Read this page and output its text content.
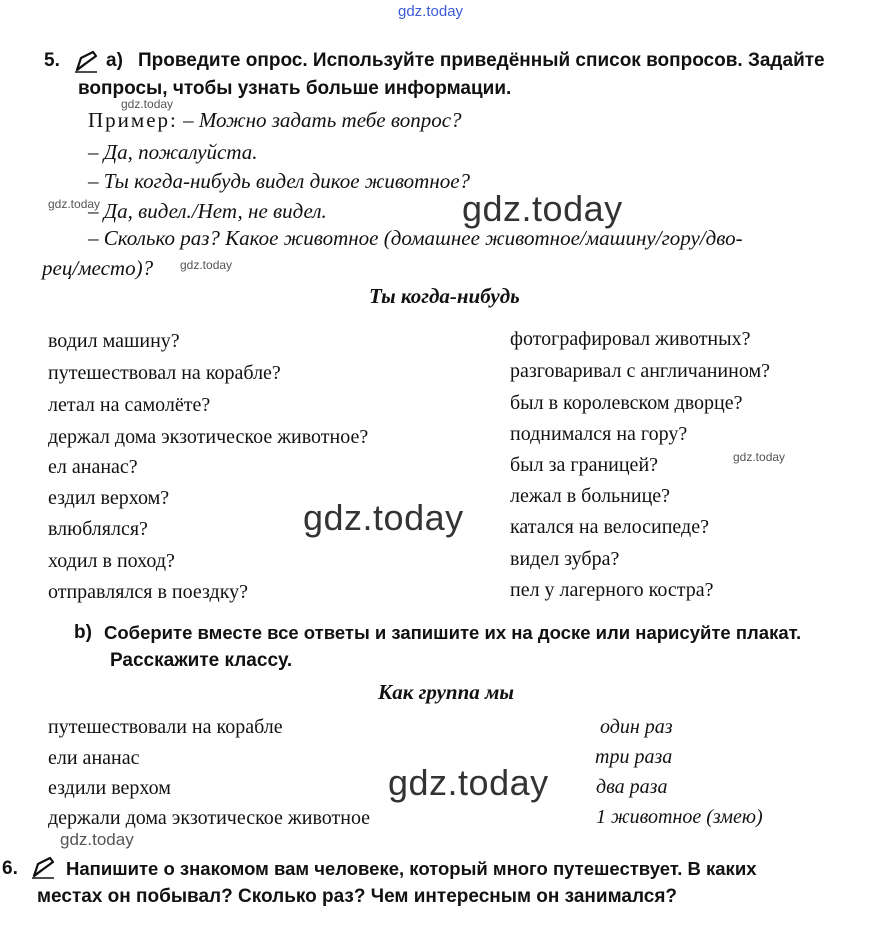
gdz.today
5. a) Проведите опрос. Используйте приведённый список вопросов. Задайте
вопросы, чтобы узнать больше информации.
gdz.today
Пример: – Можно задать тебе вопрос?
– Да, пожалуйста.
– Ты когда-нибудь видел дикое животное?
gdz.today
– Да, видел./Нет, не видел.	gdz.today
– Сколько раз? Какое животное (домашнее животное/машину/гору/дво-
рец/место)? gdz.today
Ты когда-нибудь
водил машину?
путешествовал на корабле?
летал на самолёте?
держал дома экзотическое животное?
ел ананас?
ездил верхом?
влюблялся?
ходил в поход?
отправлялся в поездку?
фотографировал животных?
разговаривал с англичанином?
был в королевском дворце?
поднимался на гору?
был за границей?
лежал в больнице?
катался на велосипеде?
видел зубра?
пел у лагерного костра?
gdz.today
gdz.today
b) Соберите вместе все ответы и запишите их на доске или нарисуйте плакат.
Расскажите классу.
Как группа мы
путешествовали на корабле	один раз
ели ананас	три раза
ездили верхом	два раза
держали дома экзотическое животное	1 животное (змею)
gdz.today
gdz.today
6.	Напишите о знакомом вам человеке, который много путешествует. В каких
местах он побывал? Сколько раз? Чем интересным он занимался?
